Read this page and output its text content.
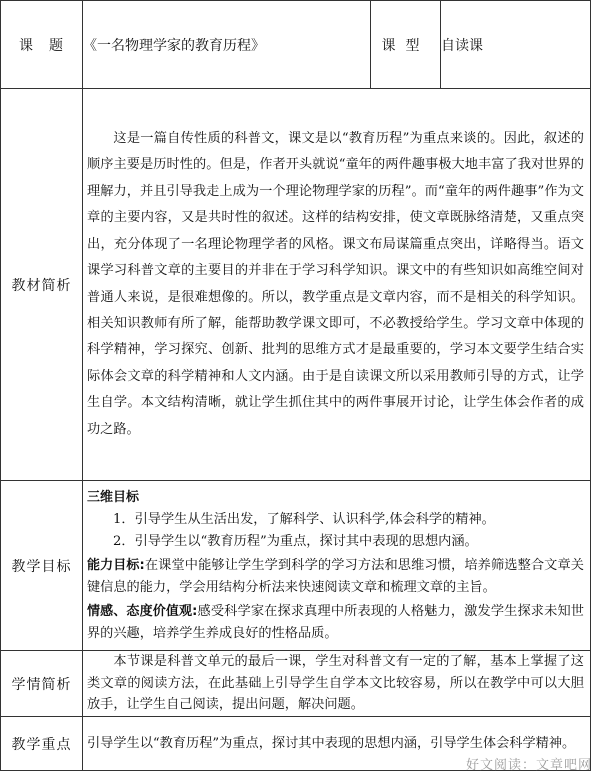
课　题	《一名物理学家的教育历程》	课型	自读课
教材简析	这是一篇自传性质的科普文，课文是以“教育历程”为重点来谈的。因此，叙述的顺序主要是历时性的。但是，作者开头就说“童年的两件趣事极大地丰富了我对世界的理解力，并且引导我走上成为一个理论物理学家的历程”。而“童年的两件趣事”作为文章的主要内容，又是共时性的叙述。这样的结构安排，使文章既脉络清楚，又重点突出，充分体现了一名理论物理学者的风格。课文布局谋篇重点突出，详略得当。语文课学习科普文章的主要目的并非在于学习科学知识。课文中的有些知识如高维空间对普通人来说，是很难想像的。所以，教学重点是文章内容，而不是相关的科学知识。相关知识教师有所了解，能帮助教学课文即可，不必教授给学生。学习文章中体现的科学精神，学习探究、创新、批判的思维方式才是最重要的，学习本文要学生结合实际体会文章的科学精神和人文内涵。由于是自读课文所以采用教师引导的方式，让学生自学。本文结构清晰，就让学生抓住其中的两件事展开讨论，让学生体会作者的成功之路。		

教学目标	三维目标
1．引导学生从生活出发，了解科学、认识科学,体会科学的精神。
2．引导学生以“教育历程”为重点，探讨其中表现的思想内涵。
能力目标:在课堂中能够让学生学到科学的学习方法和思维习惯，培养筛选整合文章关键信息的能力，学会用结构分析法来快速阅读文章和梳理文章的主旨。
情感、态度价值观:感受科学家在探求真理中所表现的人格魅力，激发学生探求未知世界的兴趣，培养学生养成良好的性格品质。		

学情简析	本节课是科普文单元的最后一课，学生对科普文有一定的了解，基本上掌握了这类文章的阅读方法，在此基础上引导学生自学本文比较容易，所以在教学中可以大胆放手，让学生自己阅读，提出问题，解决问题。		

教学重点	引导学生以“教育历程”为重点，探讨其中表现的思想内涵，引导学生体会科学精神。		
好文阅读：文章吧网
